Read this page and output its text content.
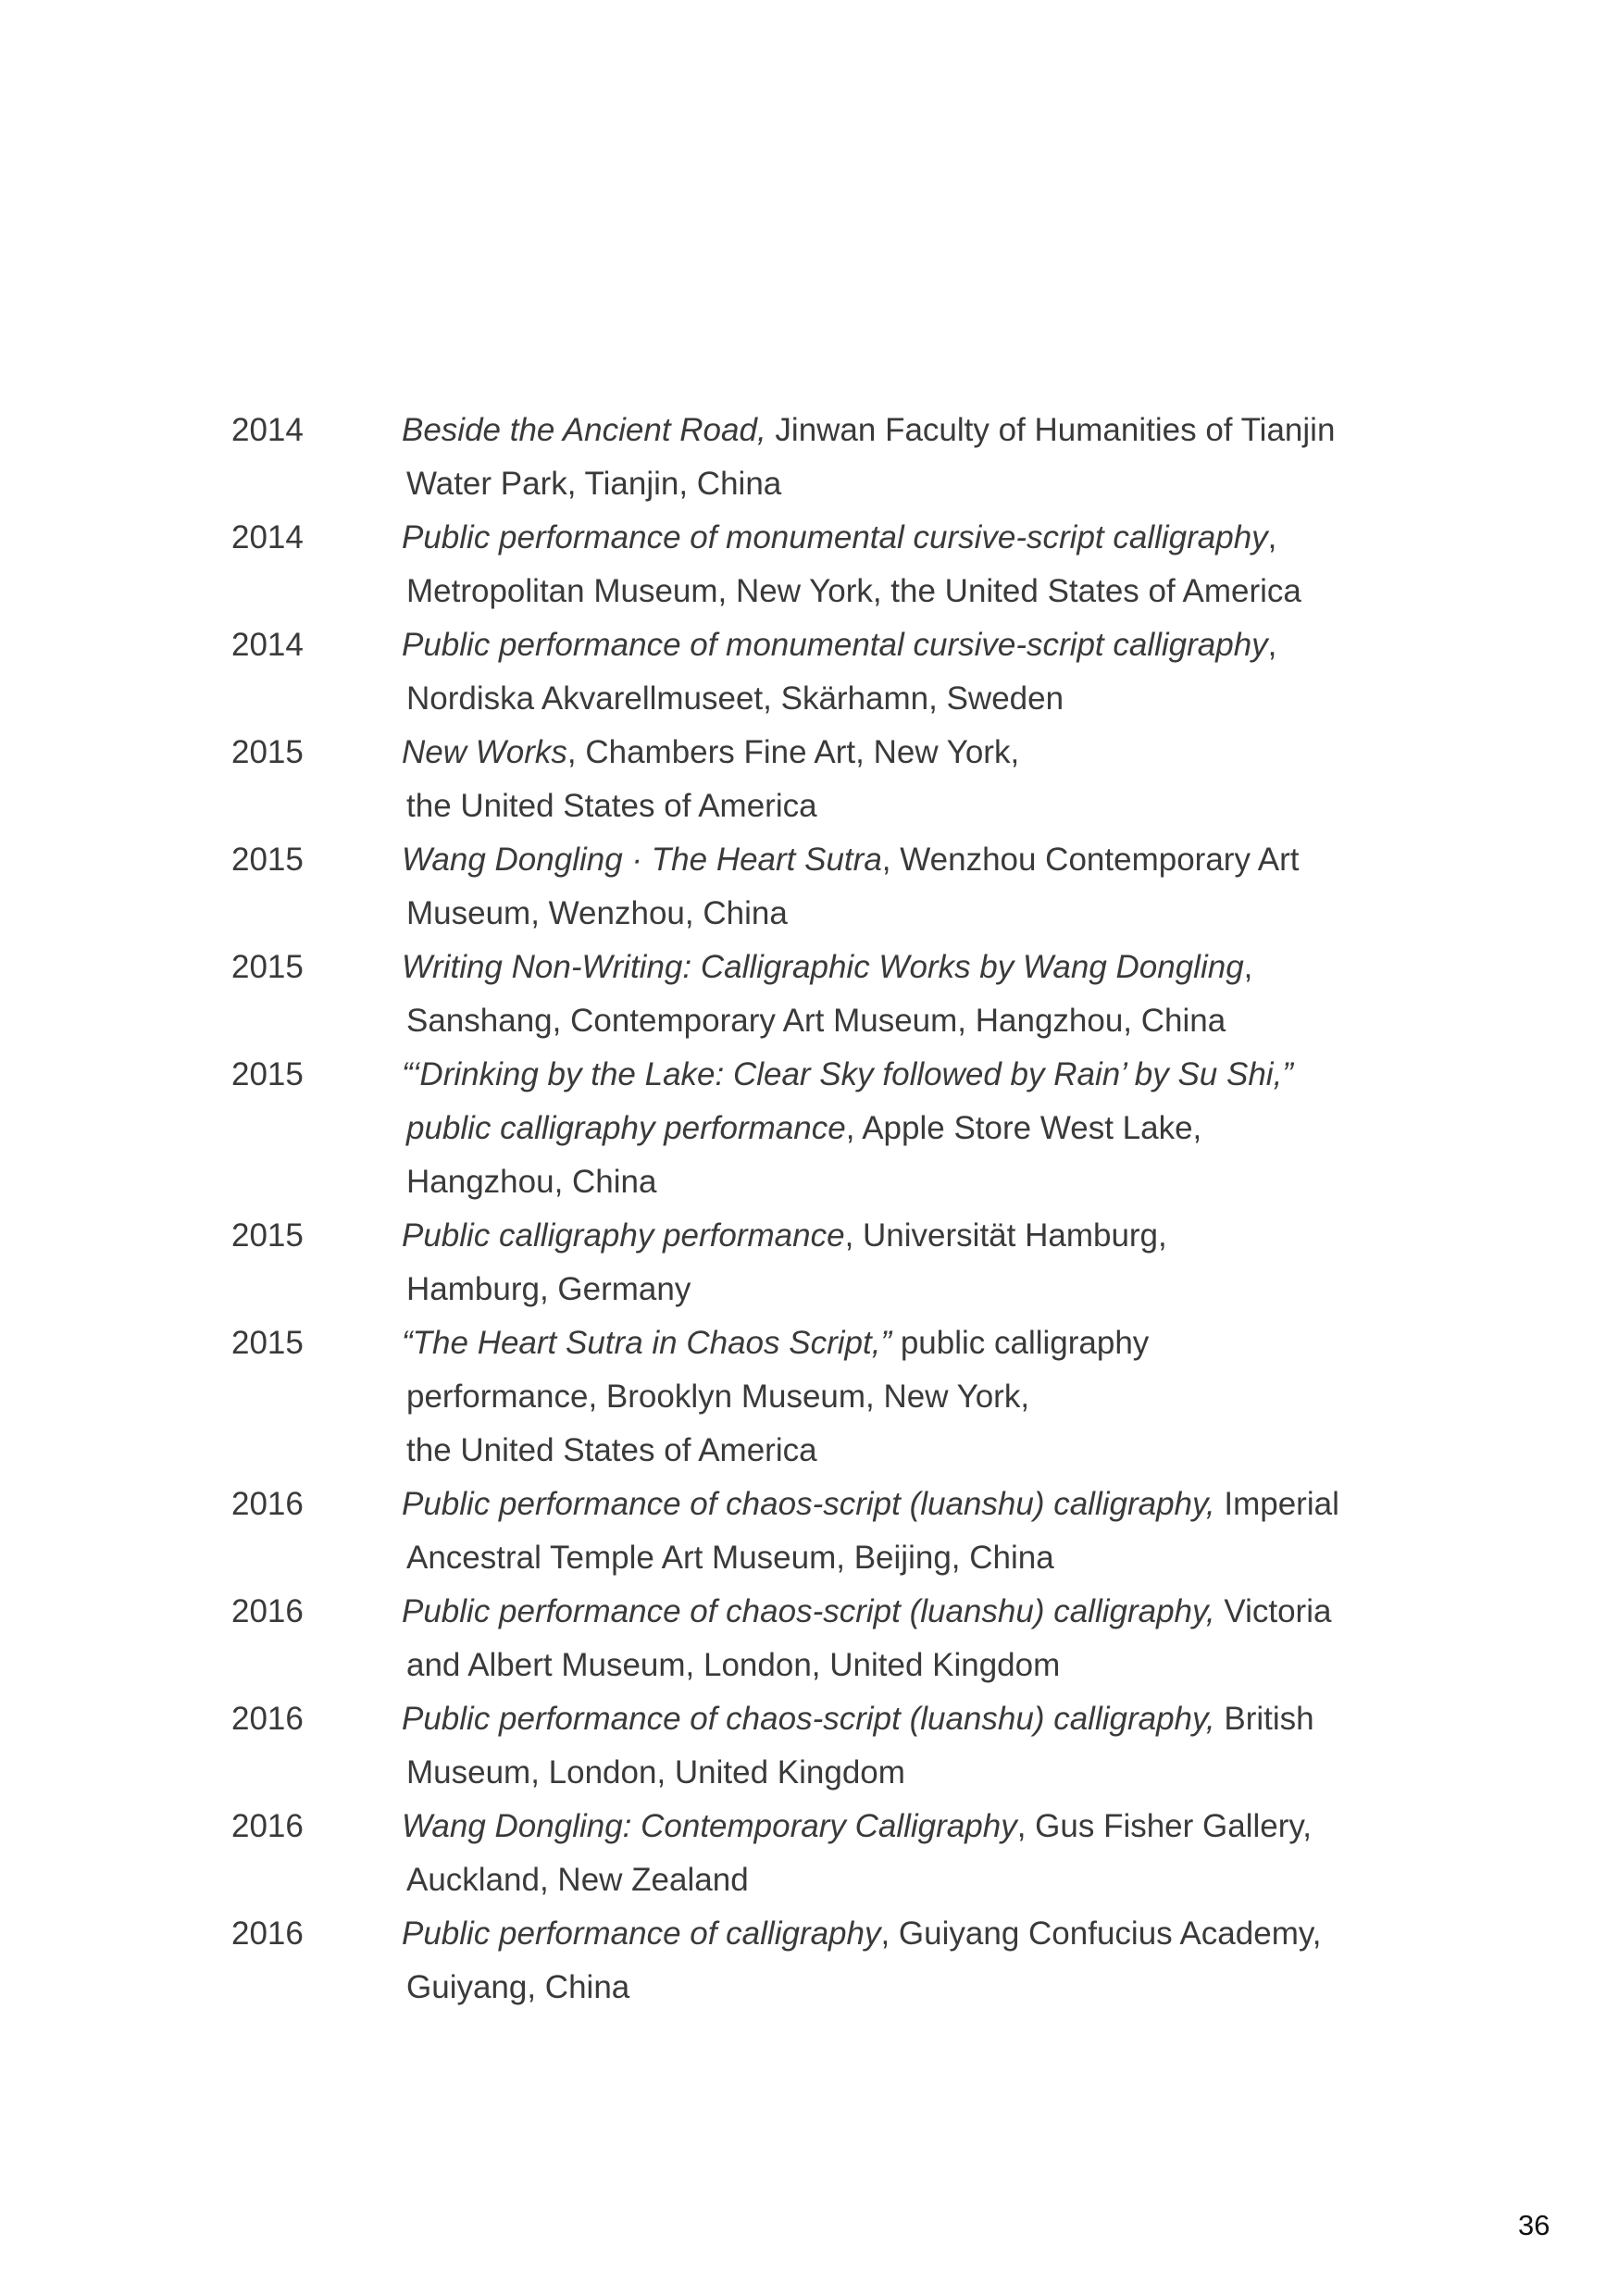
2014	Beside the Ancient Road, Jinwan Faculty of Humanities of Tianjin
Water Park, Tianjin, China
2014	Public performance of monumental cursive-script calligraphy,
Metropolitan Museum, New York, the United States of America
2014	Public performance of monumental cursive-script calligraphy,
Nordiska Akvarellmuseet, Skärhamn, Sweden
2015	New Works, Chambers Fine Art, New York,
the United States of America
2015	Wang Dongling · The Heart Sutra, Wenzhou Contemporary Art
Museum, Wenzhou, China
2015	Writing Non-Writing: Calligraphic Works by Wang Dongling,
Sanshang, Contemporary Art Museum, Hangzhou, China
2015	“‘Drinking by the Lake: Clear Sky followed by Rain’ by Su Shi,”
public calligraphy performance, Apple Store West Lake,
Hangzhou, China
2015	Public calligraphy performance, Universität Hamburg,
Hamburg, Germany
2015	“The Heart Sutra in Chaos Script,” public calligraphy
performance, Brooklyn Museum, New York,
the United States of America
2016	Public performance of chaos-script (luanshu) calligraphy, Imperial
Ancestral Temple Art Museum, Beijing, China
2016	Public performance of chaos-script (luanshu) calligraphy, Victoria
and Albert Museum, London, United Kingdom
2016	Public performance of chaos-script (luanshu) calligraphy, British
Museum, London, United Kingdom
2016	Wang Dongling: Contemporary Calligraphy, Gus Fisher Gallery,
Auckland, New Zealand
2016	Public performance of calligraphy, Guiyang Confucius Academy,
Guiyang, China
36
